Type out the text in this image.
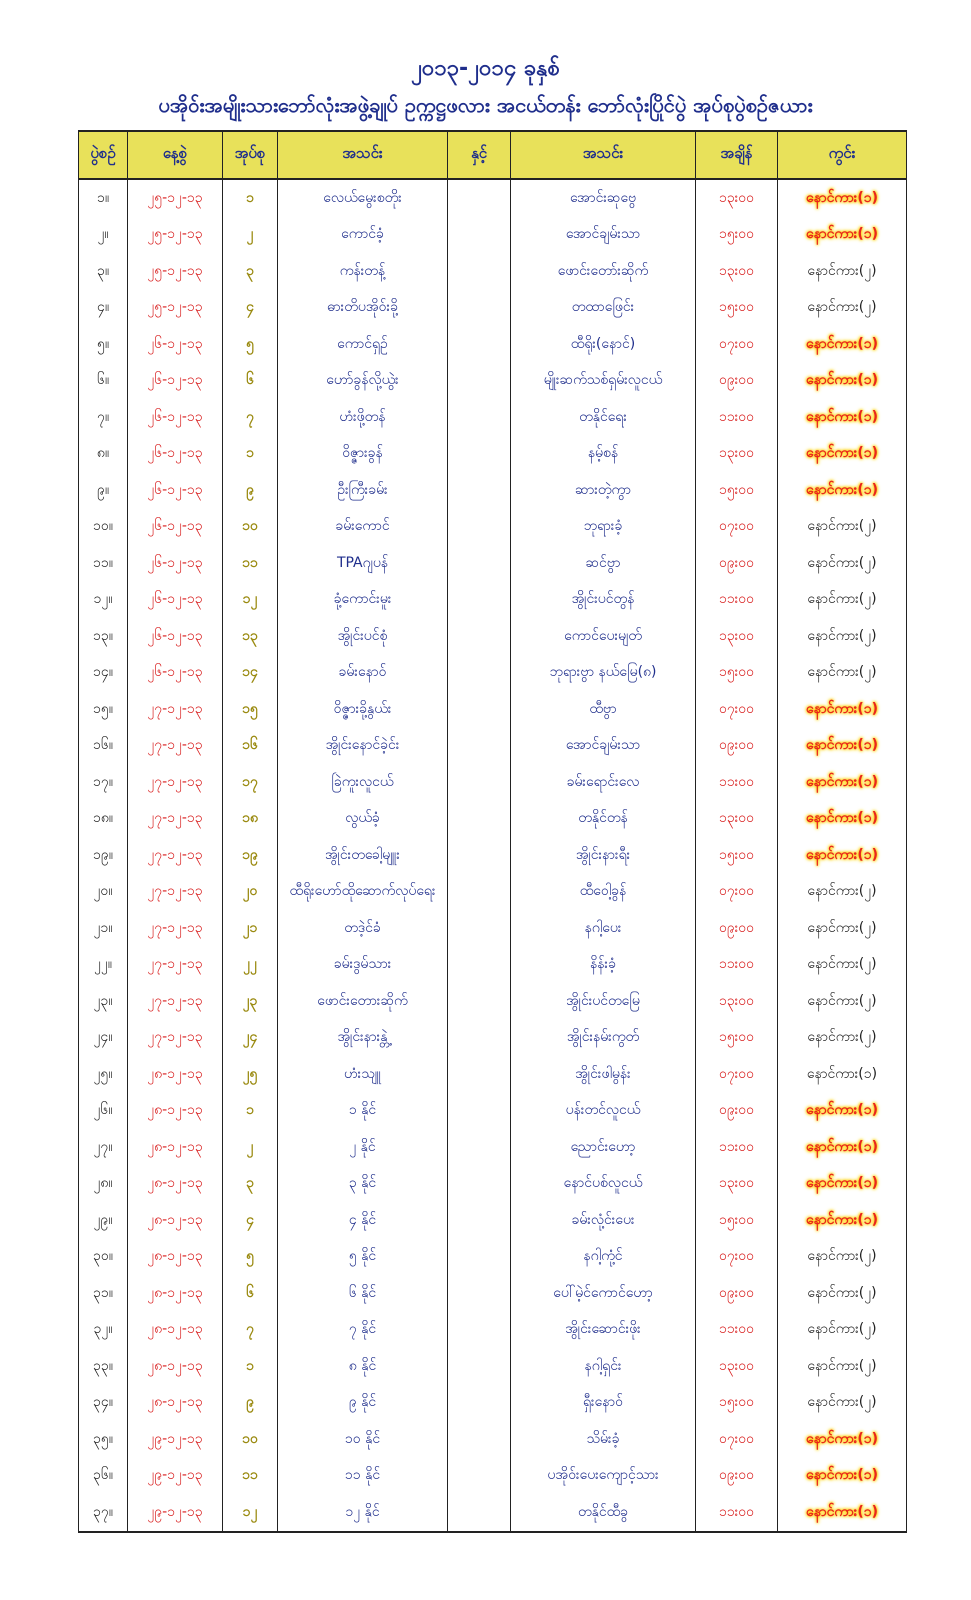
၂၀၁၃-၂၀၁၄ ခုနှစ်
ပအိုဝ်းအမျိုးသားဘော်လုံးအဖွဲ့ချုပ် ဥက္ကဋ္ဌဖလား အငယ်တန်း ဘော်လုံးပြိုင်ပွဲ အုပ်စုပွဲစဉ်ဇယား
ပွဲစဉ်	နေ့စွဲ	အုပ်စု	အသင်း	နှင့်	အသင်း	အချိန်	ကွင်း
၁။	၂၅-၁၂-၁၃	၁	လေယ်မွေးစတိုး		အောင်းဆုဗွေ	၁၃း၀၀	နောင်ကား(၁)
၂။	၂၅-၁၂-၁၃	၂	ကောင်ခံ့		အောင်ချမ်းသာ	၁၅း၀၀	နောင်ကား(၁)
၃။	၂၅-၁၂-၁၃	၃	ကန်းတန့်		ဖောင်းတော်းဆိုက်	၁၃း၀၀	နောင်ကား(၂)
၄။	၂၅-၁၂-၁၃	၄	ဓားတိပအိုဝ်းခို့		တထာဖြေင်း	၁၅း၀၀	နောင်ကား(၂)
၅။	၂၆-၁၂-၁၃	၅	ကောင်ရှဉ်		ထီရိုး(နောင်)	၀၇း၀၀	နောင်ကား(၁)
၆။	၂၆-၁၂-၁၃	၆	ဟော်ခွန်လို့ယွဲး		မျိုးဆက်သစ်ရှမ်းလူငယ်	၀၉း၀၀	နောင်ကား(၁)
၇။	၂၆-၁၂-၁၃	၇	ဟံးဖို့တန်		တနိုင်ရေး	၁၁း၀၀	နောင်ကား(၁)
၈။	၂၆-၁၂-၁၃	၁	ဝိဇ္ဇားခွန်		နမ့်စန်	၁၃း၀၀	နောင်ကား(၁)
၉။	၂၆-၁၂-၁၃	၉	ဦးကြီးခမ်း		ဆားတဲ့ကွာ	၁၅း၀၀	နောင်ကား(၁)
၁၀။	၂၆-၁၂-၁၃	၁၀	ခမ်းကောင်		ဘုရားခံ့	၀၇း၀၀	နောင်ကား(၂)
၁၁။	၂၆-၁၂-၁၃	၁၁	TPAဂျပန်		ဆင်ဗွာ	၀၉း၀၀	နောင်ကား(၂)
၁၂။	၂၆-၁၂-၁၃	၁၂	ခုံ့ကောင်းမူး		အွိုင်းပင်တွန်	၁၁း၀၀	နောင်ကား(၂)
၁၃။	၂၆-၁၂-၁၃	၁၃	အွိုင်းပင်စုံ		ကောင်ပေးမျတ်	၁၃း၀၀	နောင်ကား(၂)
၁၄။	၂၆-၁၂-၁၃	၁၄	ခမ်းနောဝ်		ဘုရားဗွာ နယ်မြေ(၈)	၁၅း၀၀	နောင်ကား(၂)
၁၅။	၂၇-၁၂-၁၃	၁၅	ဝိဇ္ဇားခို့နွယ်း		ထီဗွာ	၀၇း၀၀	နောင်ကား(၁)
၁၆။	၂၇-၁၂-၁၃	၁၆	အွိုင်းနောင်ခဲ့င်း		အောင်ချမ်းသာ	၀၉း၀၀	နောင်ကား(၁)
၁၇။	၂၇-၁၂-၁၃	၁၇	ခြဲကူးလူငယ်		ခမ်းရောင်းလေ	၁၁း၀၀	နောင်ကား(၁)
၁၈။	၂၇-၁၂-၁၃	၁၈	လွယ်ခံ့		တနိုင်တန်	၁၃း၀၀	နောင်ကား(၁)
၁၉။	၂၇-၁၂-၁၃	၁၉	အွိုင်းတခေါ့မျူး		အွိုင်းနားရီး	၁၅း၀၀	နောင်ကား(၁)
၂၀။	၂၇-၁၂-၁၃	၂၀	ထီရိုးဟော်ထိုဆောက်လုပ်ရေး		ထီဝေါ့ခွန်	၀၇း၀၀	နောင်ကား(၂)
၂၁။	၂၇-၁၂-၁၃	၂၁	တဒဲ့င်ခံ		နဂါ့ပေး	၀၉း၀၀	နောင်ကား(၂)
၂၂။	၂၇-၁၂-၁၃	၂၂	ခမ်းဒွမ်သား		နိန်းခံ့	၁၁း၀၀	နောင်ကား(၂)
၂၃။	၂၇-၁၂-၁၃	၂၃	ဖောင်းတေားဆိုက်		အွိုင်းပင်တမြေ	၁၃း၀၀	နောင်ကား(၂)
၂၄။	၂၇-၁၂-၁၃	၂၄	အွိုင်းနားန္တဲ့		အွိုင်းနမ်းကွတ်	၁၅း၀၀	နောင်ကား(၂)
၂၅။	၂၈-၁၂-၁၃	၂၅	ဟံးသျူ		အွိုင်းဖါမွန်း	၀၇း၀၀	နောင်ကား(၁)
၂၆။	၂၈-၁၂-၁၃	၁	၁ နိုင်		ပန်းတင်လူငယ်	၀၉း၀၀	နောင်ကား(၁)
၂၇။	၂၈-၁၂-၁၃	၂	၂ နိုင်		ညောင်းဟော့	၁၁း၀၀	နောင်ကား(၁)
၂၈။	၂၈-၁၂-၁၃	၃	၃ နိုင်		နောင်ပစ်လူငယ်	၁၃း၀၀	နောင်ကား(၁)
၂၉။	၂၈-၁၂-၁၃	၄	၄ နိုင်		ခမ်းလုံ့င်းပေး	၁၅း၀၀	နောင်ကား(၁)
၃၀။	၂၈-၁၂-၁၃	၅	၅ နိုင်		နဂါ့ကုံ့င်	၀၇း၀၀	နောင်ကား(၂)
၃၁။	၂၈-၁၂-၁၃	၆	၆ နိုင်		ပေါ်မဲ့င်ကောင်ဟော့	၀၉း၀၀	နောင်ကား(၂)
၃၂။	၂၈-၁၂-၁၃	၇	၇ နိုင်		အွိုင်းဆောင်းဖိုး	၁၁း၀၀	နောင်ကား(၂)
၃၃။	၂၈-၁၂-၁၃	၁	၈ နိုင်		နဂါ့ရှင်း	၁၃း၀၀	နောင်ကား(၂)
၃၄။	၂၈-၁၂-၁၃	၉	၉ နိုင်		ရှီးနောဝ်	၁၅း၀၀	နောင်ကား(၂)
၃၅။	၂၉-၁၂-၁၃	၁၀	၁၀ နိုင်		သိမ်းခံ့	၀၇း၀၀	နောင်ကား(၁)
၃၆။	၂၉-၁၂-၁၃	၁၁	၁၁ နိုင်		ပအိုဝ်းပေးကျောင့်သား	၀၉း၀၀	နောင်ကား(၁)
၃၇။	၂၉-၁၂-၁၃	၁၂	၁၂ နိုင်		တနိုင်ထီခွ	၁၁း၀၀	နောင်ကား(၁)
